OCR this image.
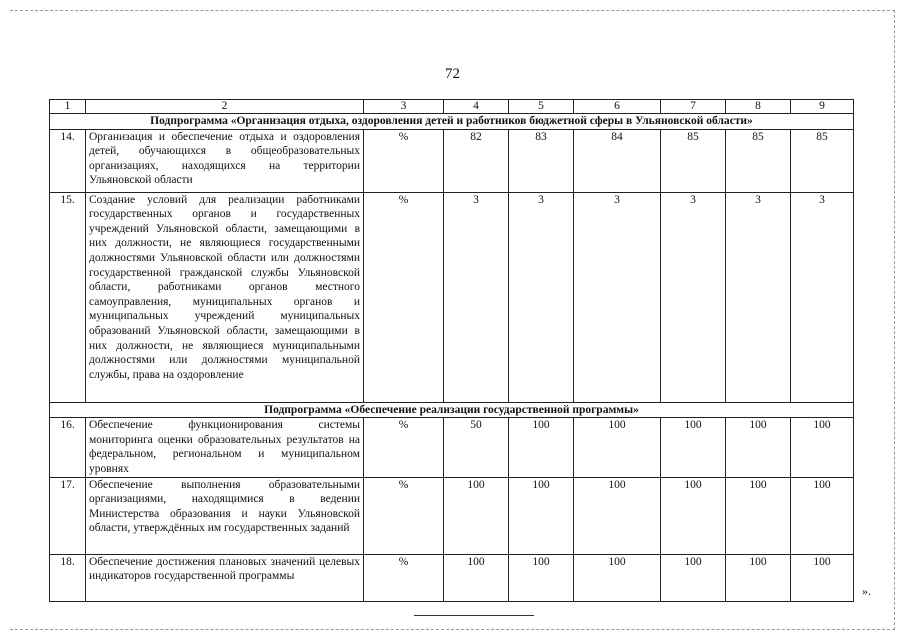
72
1	2	3	4	5	6	7	8	9
Подпрограмма «Организация отдыха, оздоровления детей и работников бюджетной сферы в Ульяновской области»								
14.	Организация и обеспечение отдыха и оздоровления детей, обучающихся в общеобразовательных организациях, находящихся на территории Ульяновской области	%	82	83	84	85	85	85
15.	Создание условий для реализации работниками государственных органов и государственных учреждений Ульяновской области, замещающими в них должности, не являющиеся государственными должностями Ульяновской области или должностями государственной гражданской службы Ульяновской области, работниками органов местного самоуправления, муниципальных органов и муниципальных учреждений муниципальных образований Ульяновской области, замещающими в них должности, не являющиеся муниципальными должностями или должностями муниципальной службы, права на оздоровление	%	3	3	3	3	3	3
Подпрограмма «Обеспечение реализации государственной программы»								
16.	Обеспечение функционирования системы мониторинга оценки образовательных результатов на федеральном, региональном и муниципальном уровнях	%	50	100	100	100	100	100
17.	Обеспечение выполнения образовательными организациями, находящимися в ведении Министерства образования и науки Ульяновской области, утверждённых им государственных заданий	%	100	100	100	100	100	100
18.	Обеспечение достижения плановых значений целевых индикаторов государственной программы	%	100	100	100	100	100	100
».
